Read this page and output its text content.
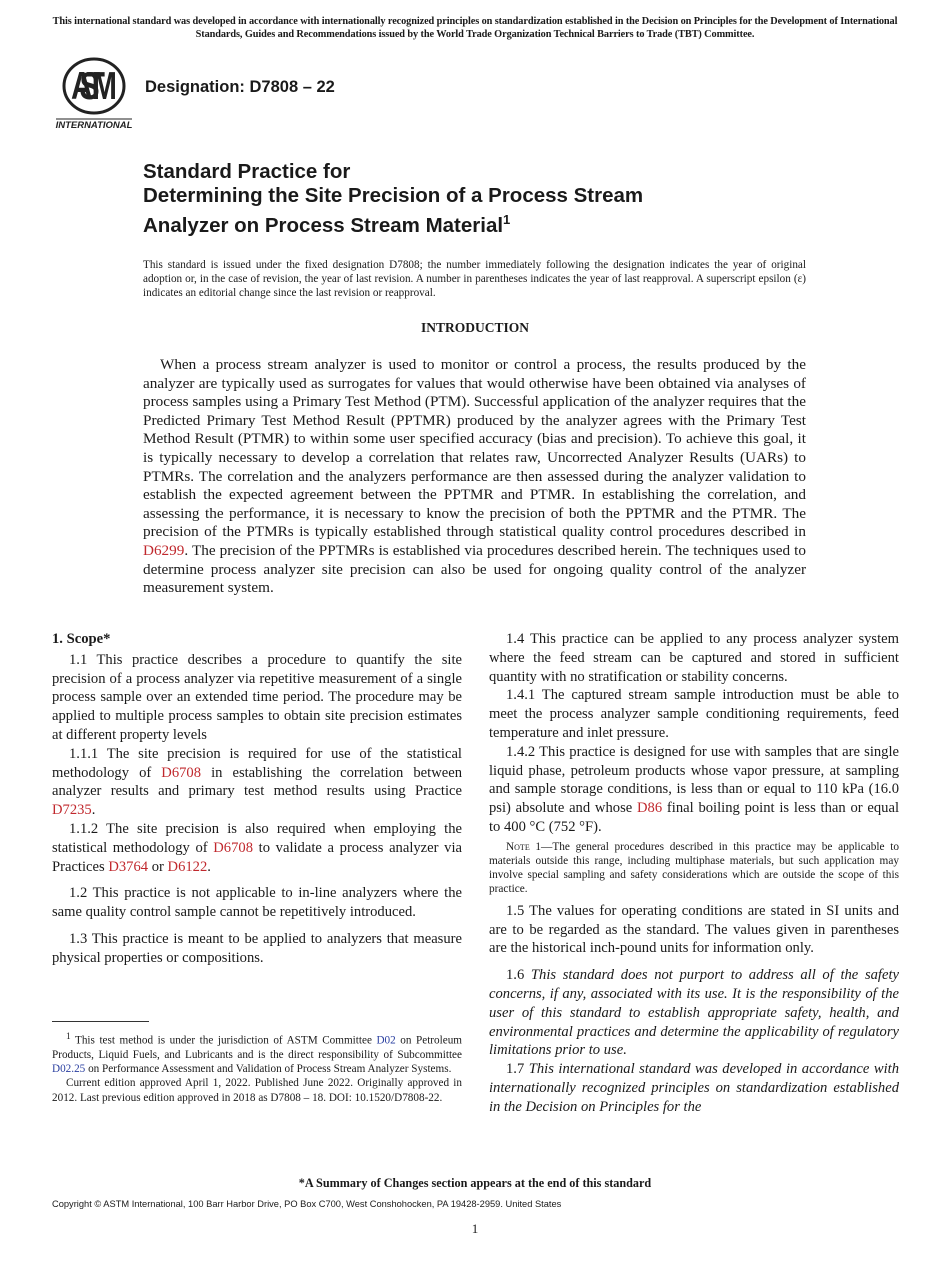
This international standard was developed in accordance with internationally recognized principles on standardization established in the Decision on Principles for the Development of International Standards, Guides and Recommendations issued by the World Trade Organization Technical Barriers to Trade (TBT) Committee.
ASTM
INTERNATIONAL
Designation: D7808 – 22
Standard Practice for
Determining the Site Precision of a Process Stream
Analyzer on Process Stream Material$^1$
This standard is issued under the fixed designation D7808; the number immediately following the designation indicates the year of original adoption or, in the case of revision, the year of last revision. A number in parentheses indicates the year of last reapproval. A superscript epsilon (ε) indicates an editorial change since the last revision or reapproval.
INTRODUCTION

When a process stream analyzer is used to monitor or control a process, the results produced by the analyzer are typically used as surrogates for values that would otherwise have been obtained via analyses of process samples using a Primary Test Method (PTM). Successful application of the analyzer requires that the Predicted Primary Test Method Result (PPTMR) produced by the analyzer agrees with the Primary Test Method Result (PTMR) to within some user specified accuracy (bias and precision). To achieve this goal, it is typically necessary to develop a correlation that relates raw, Uncorrected Analyzer Results (UARs) to PTMRs. The correlation and the analyzers performance are then assessed during the analyzer validation to establish the expected agreement between the PPTMR and PTMR. In establishing the correlation, and assessing the performance, it is necessary to know the precision of both the PPTMR and the PTMR. The precision of the PTMRs is typically established through statistical quality control procedures described in D6299. The precision of the PPTMRs is established via procedures described herein. The techniques used to determine process analyzer site precision can also be used for ongoing quality control of the analyzer measurement system.

1. Scope*

1.1 This practice describes a procedure to quantify the site precision of a process analyzer via repetitive measurement of a single process sample over an extended time period. The procedure may be applied to multiple process samples to obtain site precision estimates at different property levels

1.1.1 The site precision is required for use of the statistical methodology of D6708 in establishing the correlation between analyzer results and primary test method results using Practice D7235.

1.1.2 The site precision is also required when employing the statistical methodology of D6708 to validate a process analyzer via Practices D3764 or D6122.

1.2 This practice is not applicable to in-line analyzers where the same quality control sample cannot be repetitively introduced.

1.3 This practice is meant to be applied to analyzers that measure physical properties or compositions.

1.4 This practice can be applied to any process analyzer system where the feed stream can be captured and stored in sufficient quantity with no stratification or stability concerns.

1.4.1 The captured stream sample introduction must be able to meet the process analyzer sample conditioning requirements, feed temperature and inlet pressure.

1.4.2 This practice is designed for use with samples that are single liquid phase, petroleum products whose vapor pressure, at sampling and sample storage conditions, is less than or equal to 110 kPa (16.0 psi) absolute and whose D86 final boiling point is less than or equal to 400 °C (752 °F).

Note 1—The general procedures described in this practice may be applicable to materials outside this range, including multiphase materials, but such application may involve special sampling and safety considerations which are outside the scope of this practice.

1.5 The values for operating conditions are stated in SI units and are to be regarded as the standard. The values given in parentheses are the historical inch-pound units for information only.

1.6 This standard does not purport to address all of the safety concerns, if any, associated with its use. It is the responsibility of the user of this standard to establish appropriate safety, health, and environmental practices and determine the applicability of regulatory limitations prior to use.

1.7 This international standard was developed in accordance with internationally recognized principles on standardization established in the Decision on Principles for the

$^1$ This test method is under the jurisdiction of ASTM Committee D02 on Petroleum Products, Liquid Fuels, and Lubricants and is the direct responsibility of Subcommittee D02.25 on Performance Assessment and Validation of Process Stream Analyzer Systems.

Current edition approved April 1, 2022. Published June 2022. Originally approved in 2012. Last previous edition approved in 2018 as D7808 – 18. DOI: 10.1520/D7808-22.

*A Summary of Changes section appears at the end of this standard
Copyright © ASTM International, 100 Barr Harbor Drive, PO Box C700, West Conshohocken, PA 19428-2959. United States
1
